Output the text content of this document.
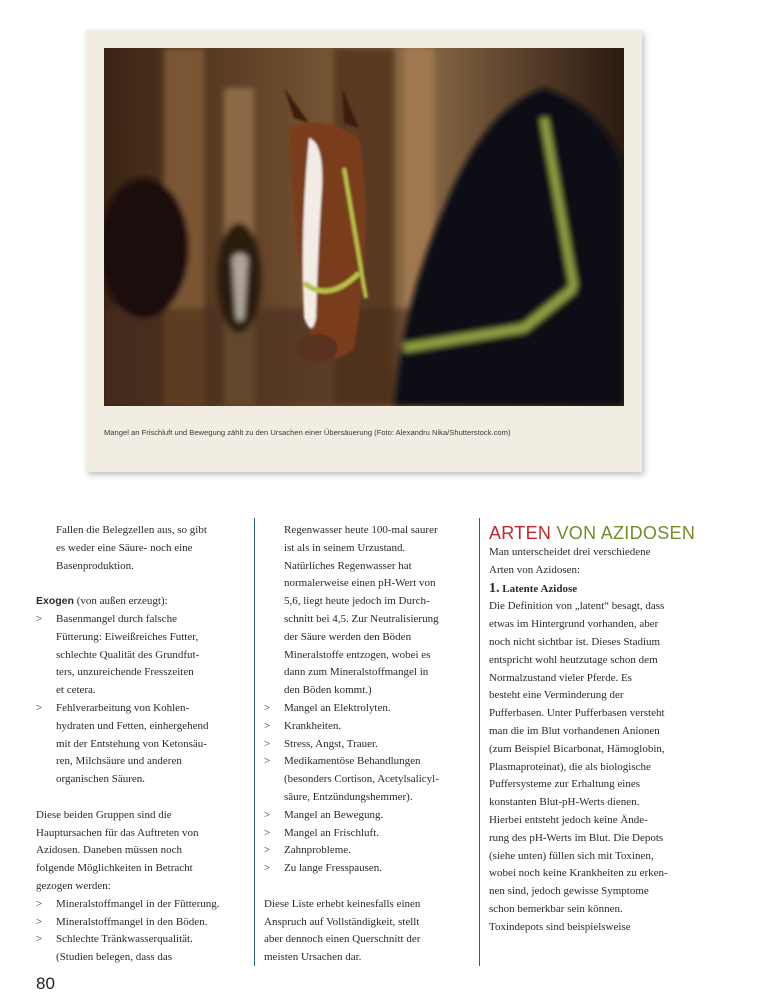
Mangel an Frischluft und Bewegung zählt zu den Ursachen einer Übersäuerung (Foto: Alexandru Nika/Shutterstock.com)

Fallen die Belegzellen aus, so gibt

es weder eine Säure- noch eine

Basenproduktion.

Exogen (von außen erzeugt):

> Basenmangel durch falsche

Fütterung: Eiweißreiches Futter,

schlechte Qualität des Grundfut-

ters, unzureichende Fresszeiten

et cetera.

> Fehlverarbeitung von Kohlen-

hydraten und Fetten, einhergehend

mit der Entstehung von Ketonsäu-

ren, Milchsäure und anderen

organischen Säuren.

Diese beiden Gruppen sind die

Hauptursachen für das Auftreten von

Azidosen. Daneben müssen noch

folgende Möglichkeiten in Betracht

gezogen werden:

> Mineralstoffmangel in der Fütterung.

> Mineralstoffmangel in den Böden.

> Schlechte Tränkwasserqualität.

(Studien belegen, dass das

Regenwasser heute 100-mal saurer

ist als in seinem Urzustand.

Natürliches Regenwasser hat

normalerweise einen pH-Wert von

5,6, liegt heute jedoch im Durch-

schnitt bei 4,5. Zur Neutralisierung

der Säure werden den Böden

Mineralstoffe entzogen, wobei es

dann zum Mineralstoffmangel in

den Böden kommt.)

> Mangel an Elektrolyten.

> Krankheiten.

> Stress, Angst, Trauer.

> Medikamentöse Behandlungen

(besonders Cortison, Acetylsalicyl-

säure, Entzündungshemmer).

> Mangel an Bewegung.

> Mangel an Frischluft.

> Zahnprobleme.

> Zu lange Fresspausen.

Diese Liste erhebt keinesfalls einen

Anspruch auf Vollständigkeit, stellt

aber dennoch einen Querschnitt der

meisten Ursachen dar.

ARTEN VON AZIDOSEN

Man unterscheidet drei verschiedene

Arten von Azidosen:

1. Latente Azidose

Die Definition von „latent“ besagt, dass

etwas im Hintergrund vorhanden, aber

noch nicht sichtbar ist. Dieses Stadium

entspricht wohl heutzutage schon dem

Normalzustand vieler Pferde. Es

besteht eine Verminderung der

Pufferbasen. Unter Pufferbasen versteht

man die im Blut vorhandenen Anionen

(zum Beispiel Bicarbonat, Hämoglobin,

Plasmaproteinat), die als biologische

Puffersysteme zur Erhaltung eines

konstanten Blut-pH-Werts dienen.

Hierbei entsteht jedoch keine Ände-

rung des pH-Werts im Blut. Die Depots

(siehe unten) füllen sich mit Toxinen,

wobei noch keine Krankheiten zu erken-

nen sind, jedoch gewisse Symptome

schon bemerkbar sein können.

Toxindepots sind beispielsweise

80
